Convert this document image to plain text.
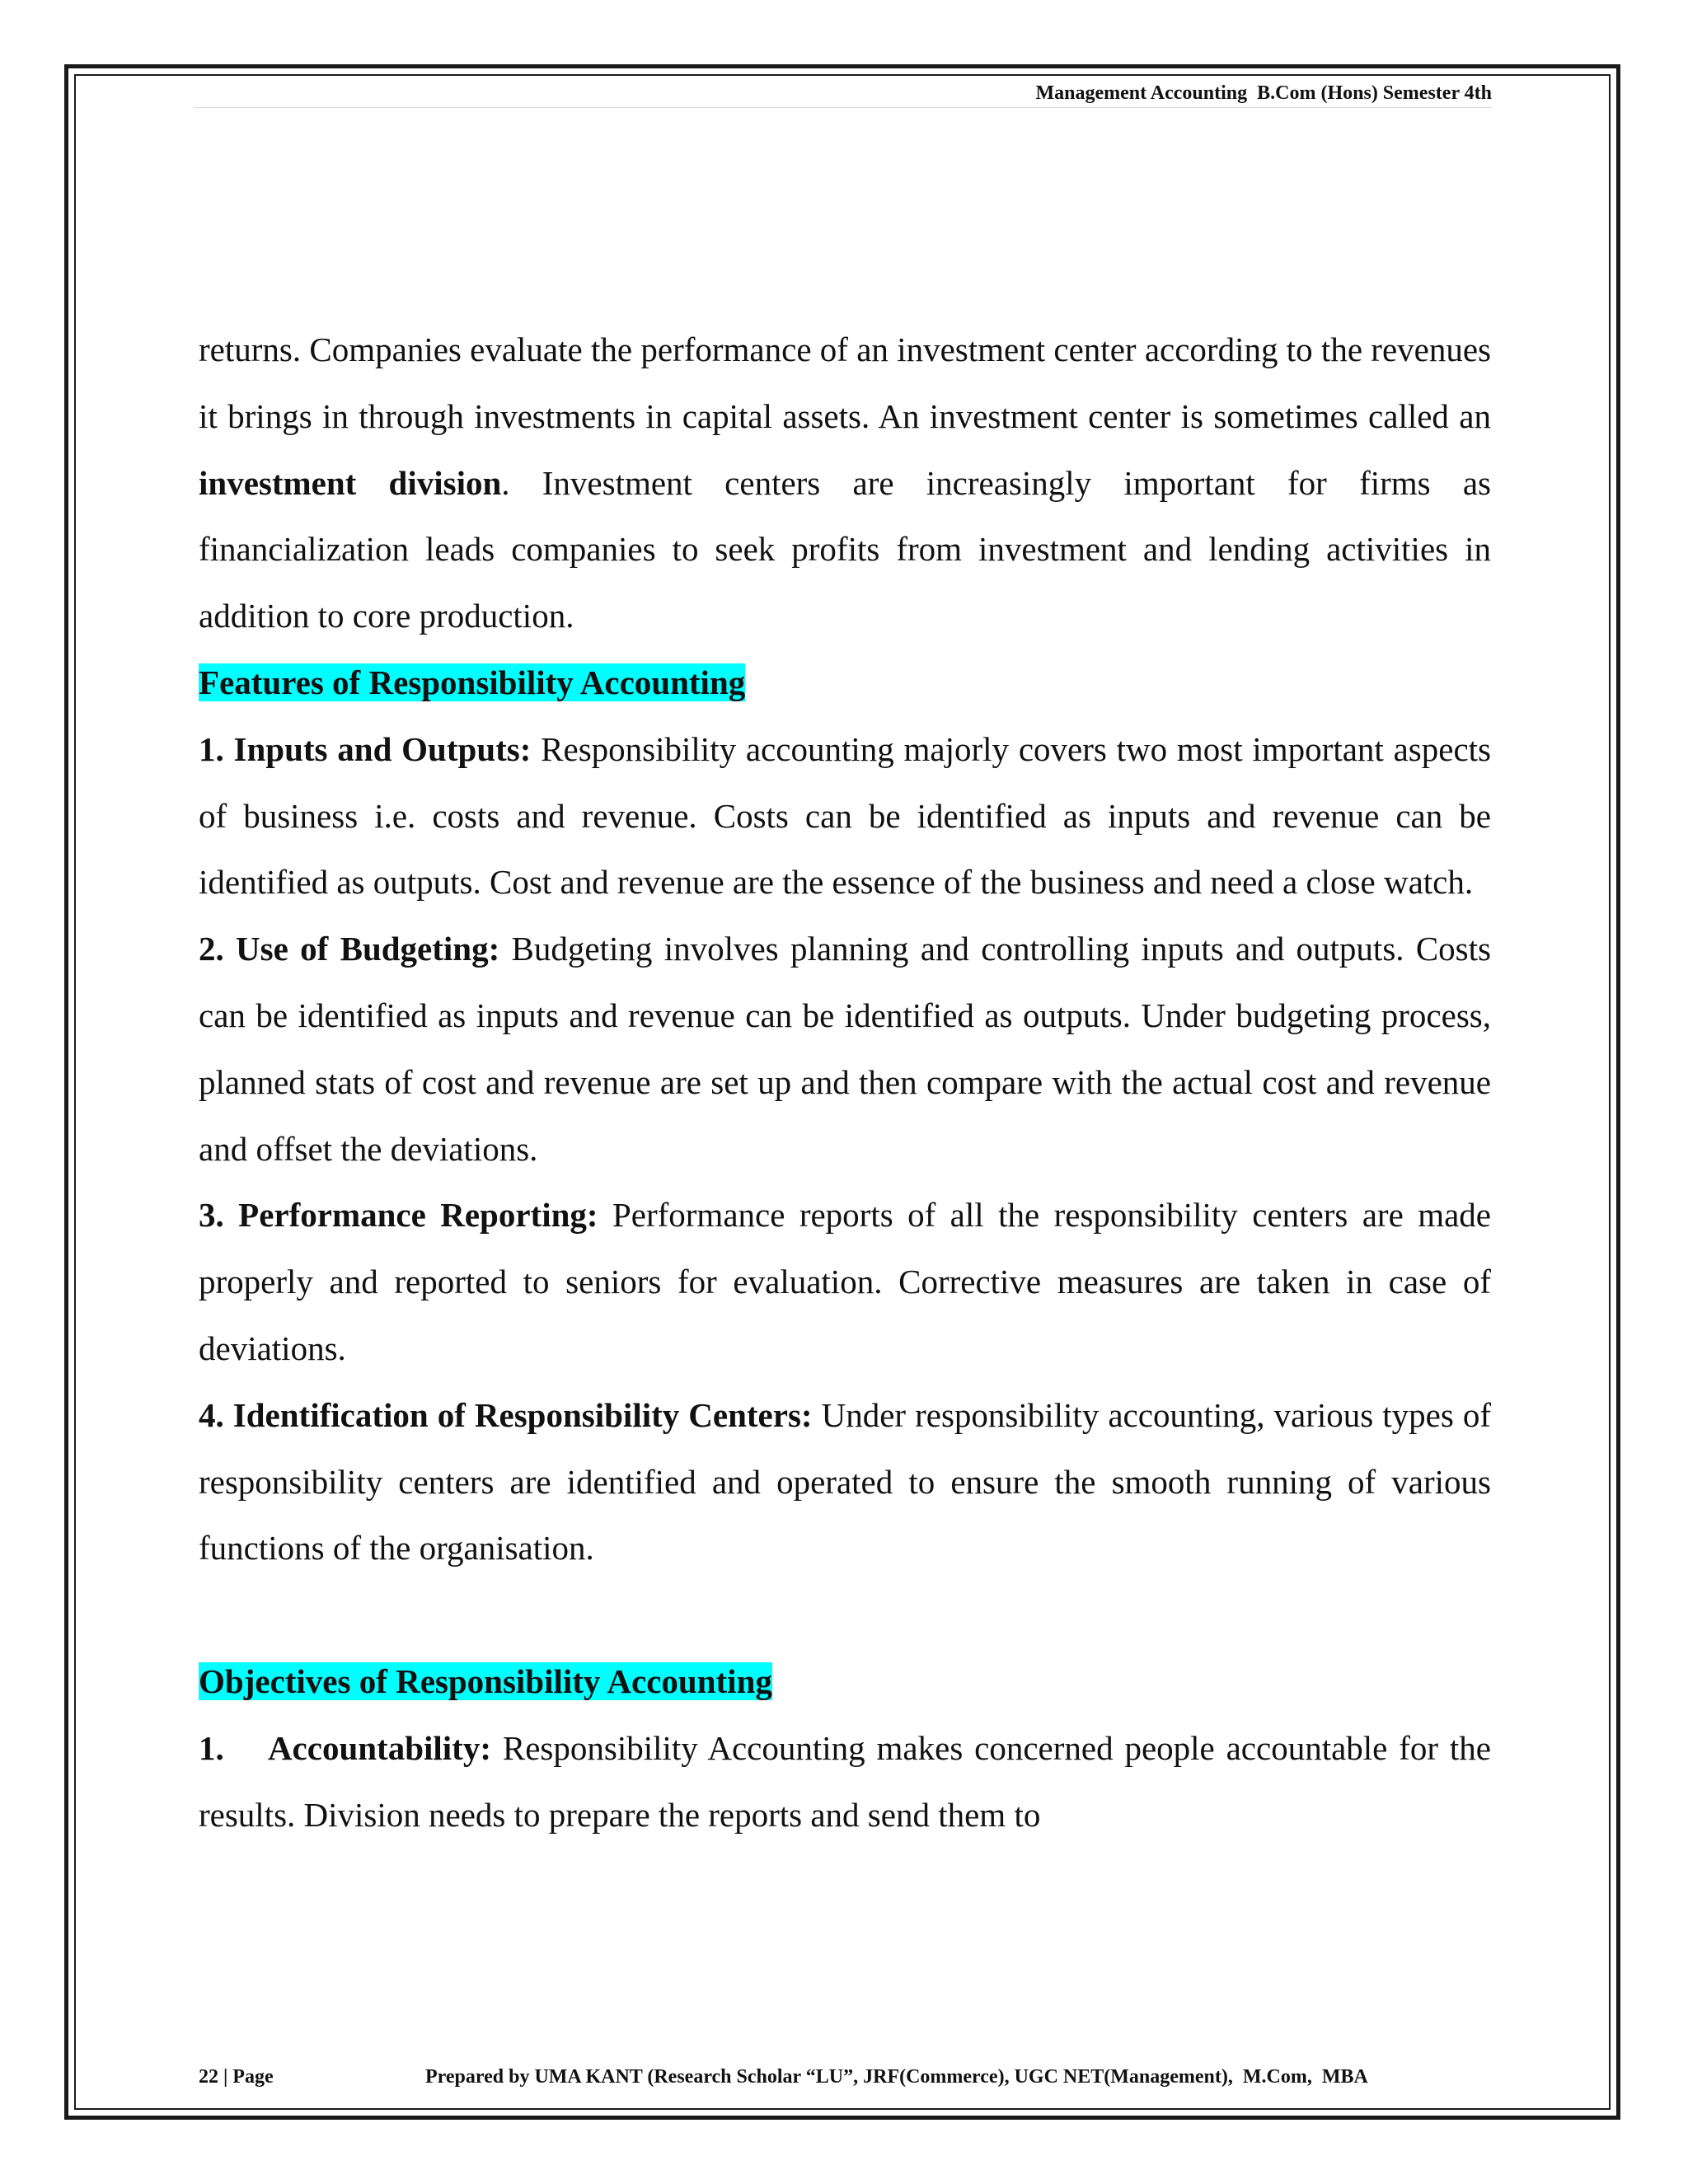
Management Accounting  B.Com (Hons) Semester 4th

returns. Companies evaluate the performance of an investment center according to the revenues it brings in through investments in capital assets. An investment center is sometimes called an investment division. Investment centers are increasingly important for firms as financialization leads companies to seek profits from investment and lending activities in addition to core production.

Features of Responsibility Accounting

1. Inputs and Outputs: Responsibility accounting majorly covers two most important aspects of business i.e. costs and revenue. Costs can be identified as inputs and revenue can be identified as outputs. Cost and revenue are the essence of the business and need a close watch.

2. Use of Budgeting: Budgeting involves planning and controlling inputs and outputs. Costs can be identified as inputs and revenue can be identified as outputs. Under budgeting process, planned stats of cost and revenue are set up and then compare with the actual cost and revenue and offset the deviations.

3. Performance Reporting: Performance reports of all the responsibility centers are made properly and reported to seniors for evaluation. Corrective measures are taken in case of deviations.

4. Identification of Responsibility Centers: Under responsibility accounting, various types of responsibility centers are identified and operated to ensure the smooth running of various functions of the organisation.

Objectives of Responsibility Accounting

1.    Accountability: Responsibility Accounting makes concerned people accountable for the results. Division needs to prepare the reports and send them to

22 | Page	Prepared by UMA KANT (Research Scholar “LU”, JRF(Commerce), UGC NET(Management),  M.Com,  MBA
